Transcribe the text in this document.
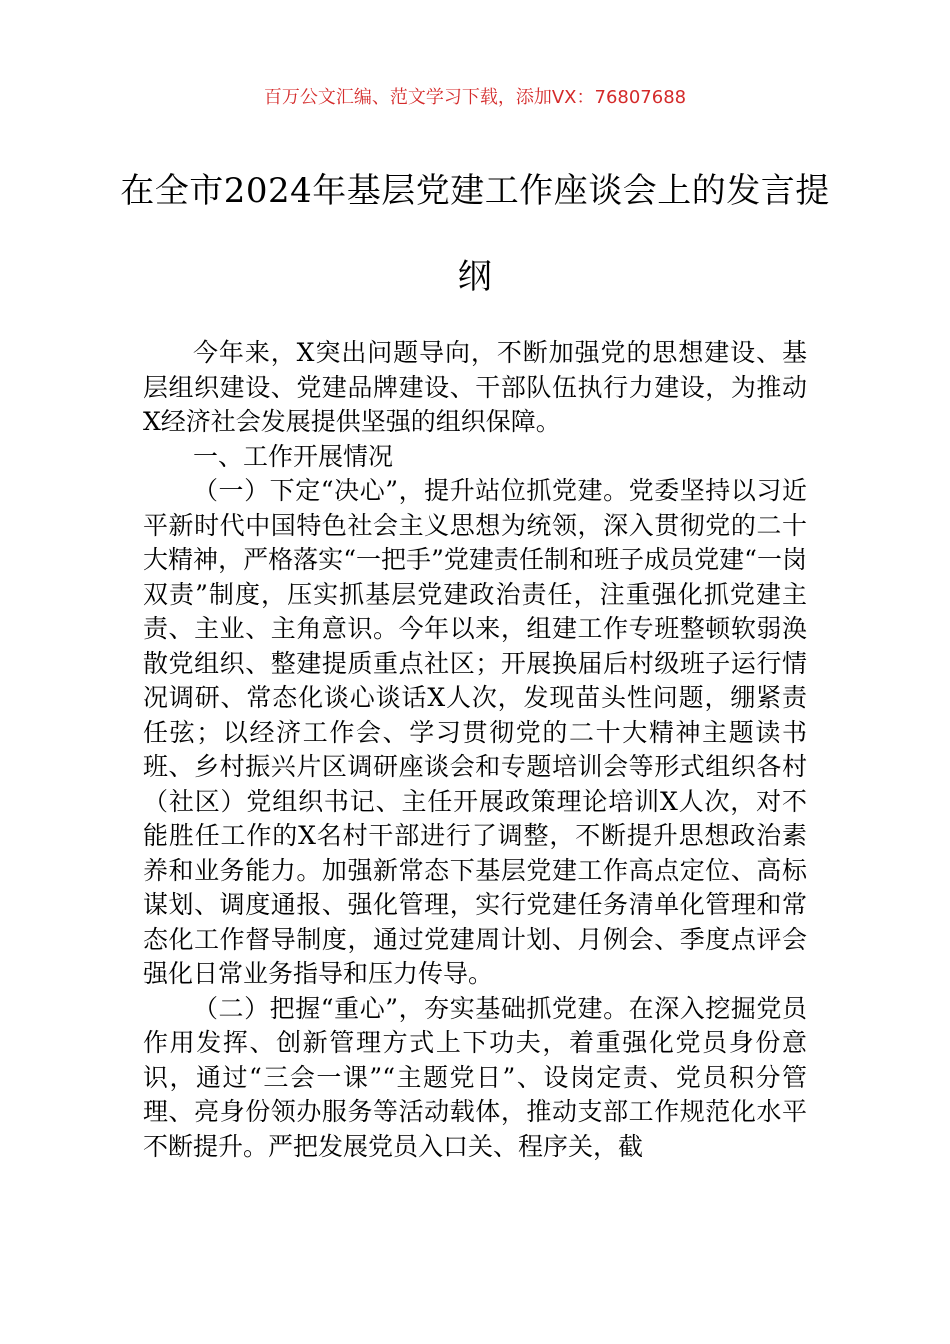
百万公文汇编、范文学习下载，添加VX：76807688
在全市2024年基层党建工作座谈会上的发言提纲

今年来，X突出问题导向，不断加强党的思想建设、基层组织建设、党建品牌建设、干部队伍执行力建设，为推动X经济社会发展提供坚强的组织保障。

一、工作开展情况

（一）下定“决心”，提升站位抓党建。党委坚持以习近平新时代中国特色社会主义思想为统领，深入贯彻党的二十大精神，严格落实“一把手”党建责任制和班子成员党建“一岗双责”制度，压实抓基层党建政治责任，注重强化抓党建主责、主业、主角意识。今年以来，组建工作专班整顿软弱涣散党组织、整建提质重点社区；开展换届后村级班子运行情况调研、常态化谈心谈话X人次，发现苗头性问题，绷紧责任弦；以经济工作会、学习贯彻党的二十大精神主题读书班、乡村振兴片区调研座谈会和专题培训会等形式组织各村（社区）党组织书记、主任开展政策理论培训X人次，对不能胜任工作的X名村干部进行了调整，不断提升思想政治素养和业务能力。加强新常态下基层党建工作高点定位、高标谋划、调度通报、强化管理，实行党建任务清单化管理和常态化工作督导制度，通过党建周计划、月例会、季度点评会强化日常业务指导和压力传导。

（二）把握“重心”，夯实基础抓党建。在深入挖掘党员作用发挥、创新管理方式上下功夫，着重强化党员身份意识，通过“三会一课”“主题党日”、设岗定责、党员积分管理、亮身份领办服务等活动载体，推动支部工作规范化水平不断提升。严把发展党员入口关、程序关，截
